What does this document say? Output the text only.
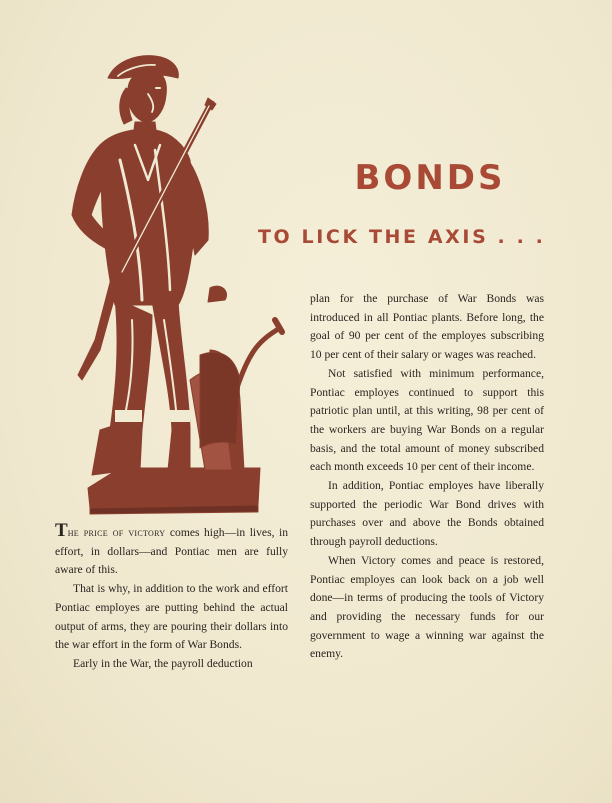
BONDS
TO LICK THE AXIS . . .

The price of victory comes high—in lives, in effort, in dollars—and Pontiac men are fully aware of this.

That is why, in addition to the work and effort Pontiac employes are putting behind the actual output of arms, they are pouring their dollars into the war effort in the form of War Bonds.

Early in the War, the payroll deduction

plan for the purchase of War Bonds was introduced in all Pontiac plants. Before long, the goal of 90 per cent of the employes subscribing 10 per cent of their salary or wages was reached.

Not satisfied with minimum performance, Pontiac employes continued to support this patriotic plan until, at this writing, 98 per cent of the workers are buying War Bonds on a regular basis, and the total amount of money subscribed each month exceeds 10 per cent of their income.

In addition, Pontiac employes have liberally supported the periodic War Bond drives with purchases over and above the Bonds obtained through payroll deductions.

When Victory comes and peace is restored, Pontiac employes can look back on a job well done—in terms of producing the tools of Victory and providing the necessary funds for our government to wage a winning war against the enemy.
